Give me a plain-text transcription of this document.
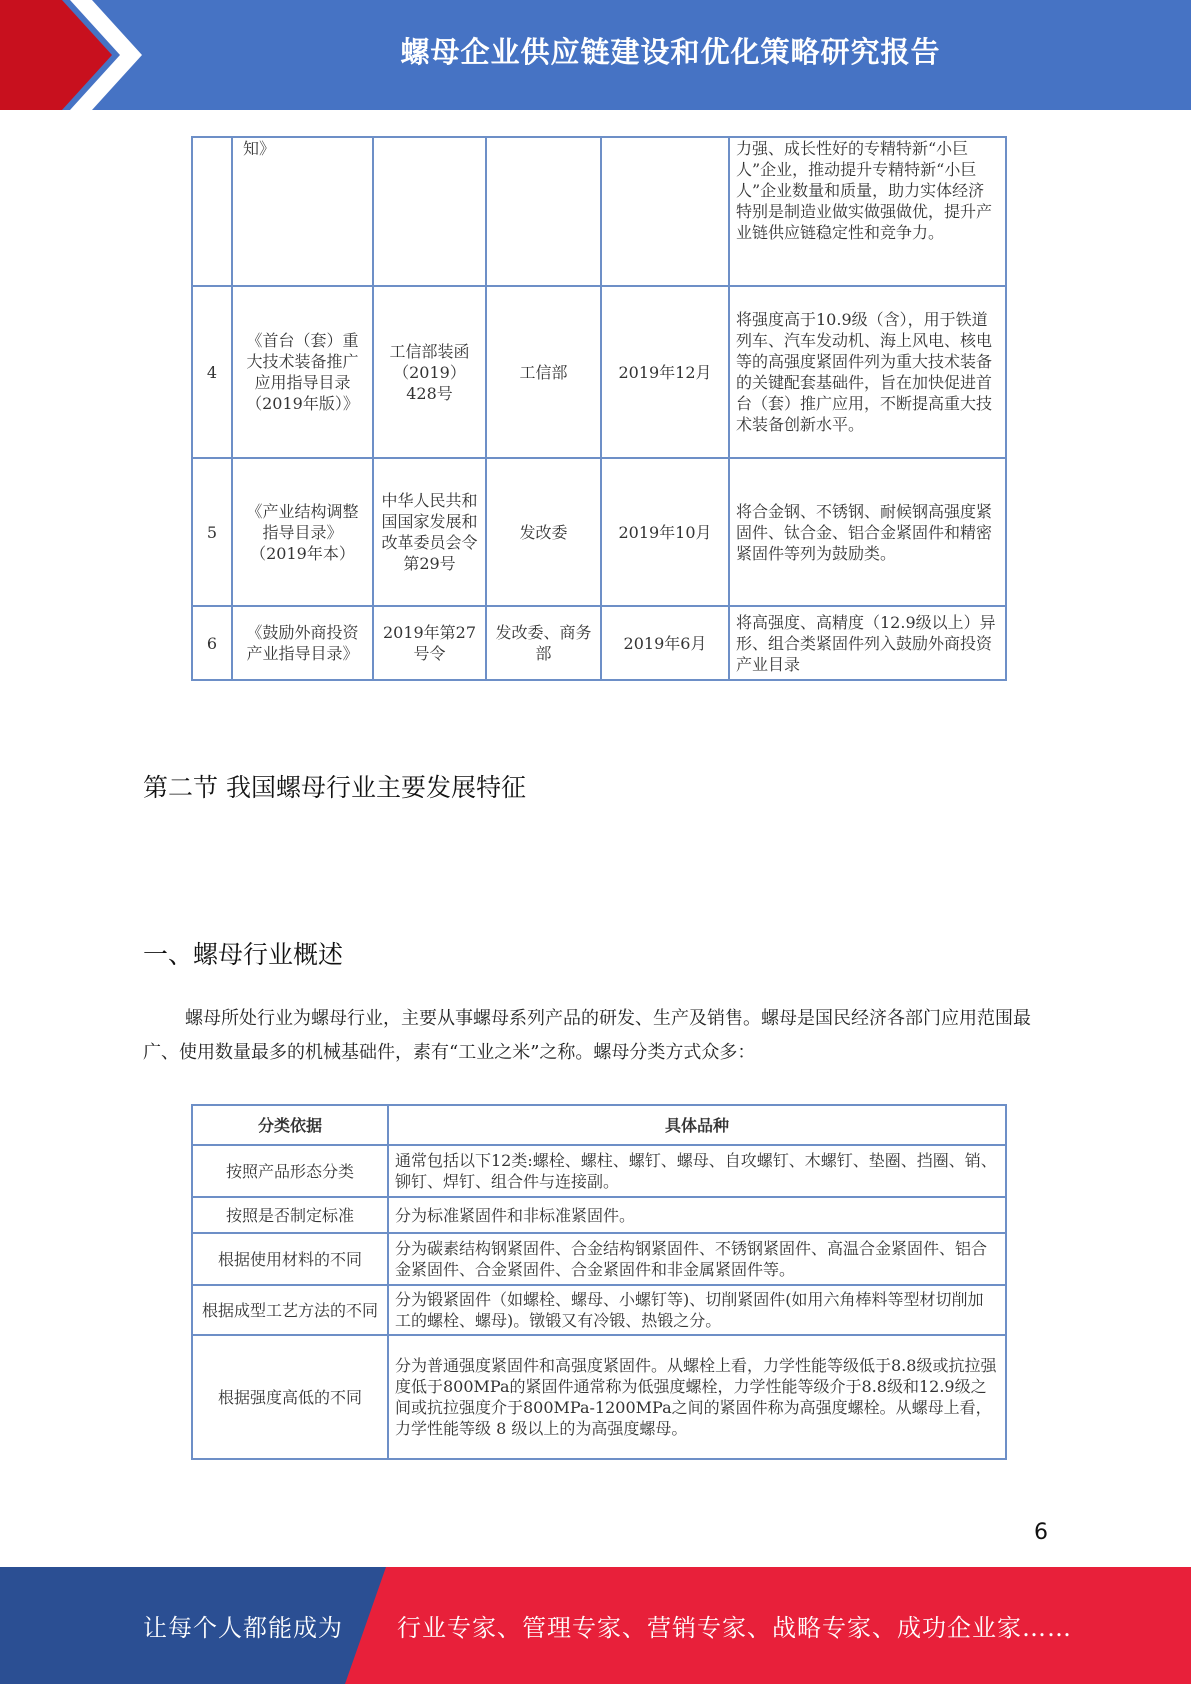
螺母企业供应链建设和优化策略研究报告
	知》				力强、成长性好的专精特新“小巨人”企业，推动提升专精特新“小巨人”企业数量和质量，助力实体经济特别是制造业做实做强做优，提升产业链供应链稳定性和竞争力。
4	《首台（套）重大技术装备推广应用指导目录（2019年版）》	工信部装函（2019）428号	工信部	2019年12月	将强度高于10.9级（含），用于铁道列车、汽车发动机、海上风电、核电等的高强度紧固件列为重大技术装备的关键配套基础件，旨在加快促进首台（套）推广应用，不断提高重大技术装备创新水平。
5	《产业结构调整指导目录》（2019年本）	中华人民共和国国家发展和改革委员会令第29号	发改委	2019年10月	将合金钢、不锈钢、耐候钢高强度紧固件、钛合金、铝合金紧固件和精密紧固件等列为鼓励类。
6	《鼓励外商投资产业指导目录》	2019年第27号令	发改委、商务部	2019年6月	将高强度、高精度（12.9级以上）异形、组合类紧固件列入鼓励外商投资产业目录
第二节 我国螺母行业主要发展特征
一、螺母行业概述
螺母所处行业为螺母行业，主要从事螺母系列产品的研发、生产及销售。螺母是国民经济各部门应用范围最广、使用数量最多的机械基础件，素有“工业之米”之称。螺母分类方式众多：
分类依据	具体品种
按照产品形态分类	通常包括以下12类:螺栓、螺柱、螺钉、螺母、自攻螺钉、木螺钉、垫圈、挡圈、销、铆钉、焊钉、组合件与连接副。
按照是否制定标准	分为标准紧固件和非标准紧固件。
根据使用材料的不同	分为碳素结构钢紧固件、合金结构钢紧固件、不锈钢紧固件、高温合金紧固件、铝合金紧固件、合金紧固件、合金紧固件和非金属紧固件等。
根据成型工艺方法的不同	分为锻紧固件（如螺栓、螺母、小螺钉等)、切削紧固件(如用六角棒料等型材切削加工的螺栓、螺母)。镦锻又有冷锻、热锻之分。
根据强度高低的不同	分为普通强度紧固件和高强度紧固件。从螺栓上看，力学性能等级低于8.8级或抗拉强度低于800MPa的紧固件通常称为低强度螺栓，力学性能等级介于8.8级和12.9级之间或抗拉强度介于800MPa-1200MPa之间的紧固件称为高强度螺栓。从螺母上看，力学性能等级 8 级以上的为高强度螺母。
6
让每个人都能成为 行业专家、管理专家、营销专家、战略专家、成功企业家……
